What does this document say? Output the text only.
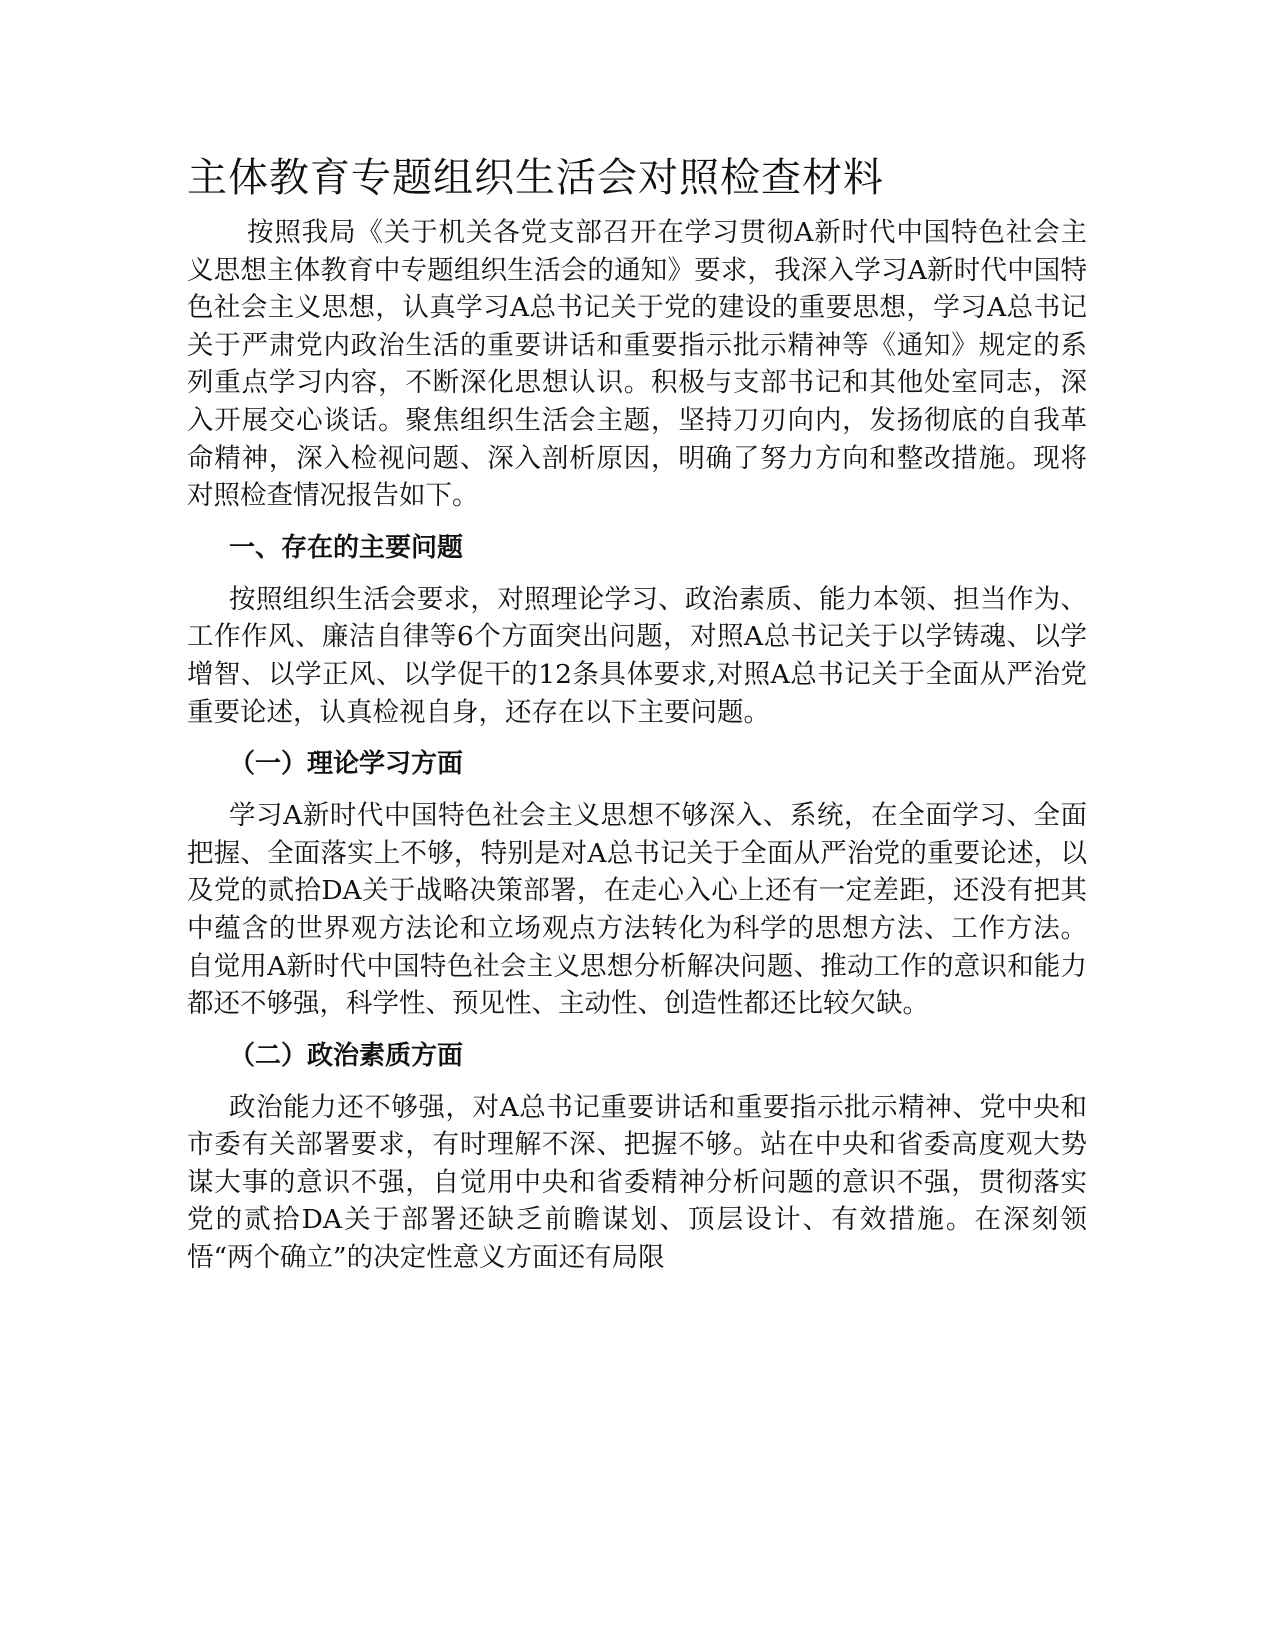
主体教育专题组织生活会对照检查材料

按照我局《关于机关各党支部召开在学习贯彻A新时代中国特色社会主义思想主体教育中专题组织生活会的通知》要求，我深入学习A新时代中国特色社会主义思想，认真学习A总书记关于党的建设的重要思想，学习A总书记关于严肃党内政治生活的重要讲话和重要指示批示精神等《通知》规定的系列重点学习内容，不断深化思想认识。积极与支部书记和其他处室同志，深入开展交心谈话。聚焦组织生活会主题，坚持刀刃向内，发扬彻底的自我革命精神，深入检视问题、深入剖析原因，明确了努力方向和整改措施。现将对照检查情况报告如下。

一、存在的主要问题

按照组织生活会要求，对照理论学习、政治素质、能力本领、担当作为、工作作风、廉洁自律等6个方面突出问题，对照A总书记关于以学铸魂、以学增智、以学正风、以学促干的12条具体要求,对照A总书记关于全面从严治党重要论述，认真检视自身，还存在以下主要问题。

（一）理论学习方面

学习A新时代中国特色社会主义思想不够深入、系统，在全面学习、全面把握、全面落实上不够，特别是对A总书记关于全面从严治党的重要论述，以及党的贰拾DA关于战略决策部署，在走心入心上还有一定差距，还没有把其中蕴含的世界观方法论和立场观点方法转化为科学的思想方法、工作方法。自觉用A新时代中国特色社会主义思想分析解决问题、推动工作的意识和能力都还不够强，科学性、预见性、主动性、创造性都还比较欠缺。

（二）政治素质方面

政治能力还不够强，对A总书记重要讲话和重要指示批示精神、党中央和市委有关部署要求，有时理解不深、把握不够。站在中央和省委高度观大势谋大事的意识不强，自觉用中央和省委精神分析问题的意识不强，贯彻落实党的贰拾DA关于部署还缺乏前瞻谋划、顶层设计、有效措施。在深刻领悟“两个确立”的决定性意义方面还有局限
